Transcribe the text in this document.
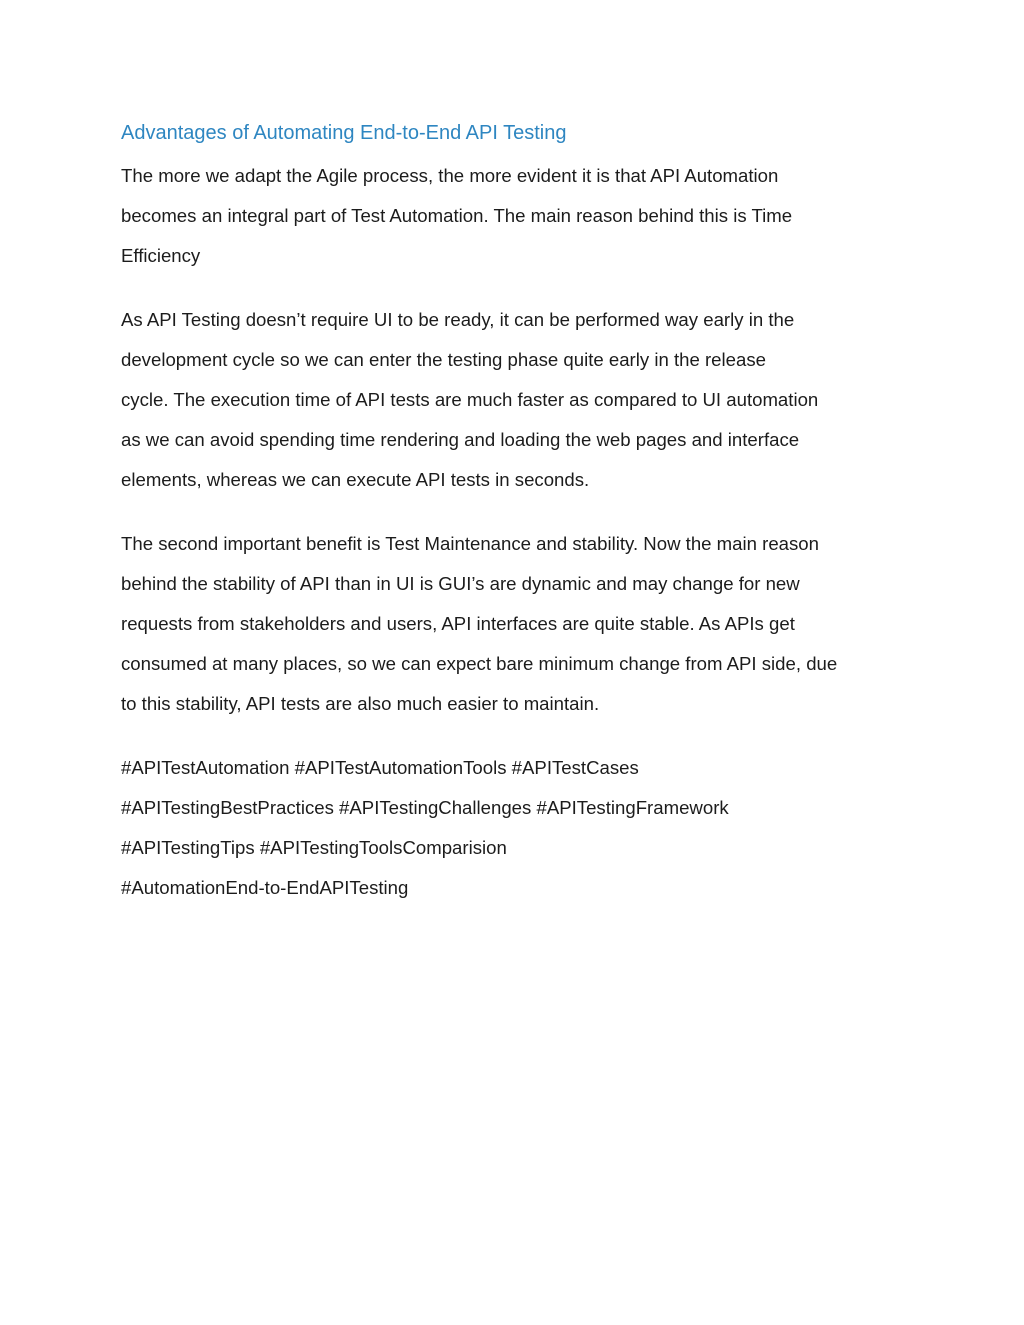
Advantages of Automating End-to-End API Testing

The more we adapt the Agile process, the more evident it is that API Automation
becomes an integral part of Test Automation. The main reason behind this is Time
Efficiency

As API Testing doesn’t require UI to be ready, it can be performed way early in the
development cycle so we can enter the testing phase quite early in the release
cycle. The execution time of API tests are much faster as compared to UI automation
as we can avoid spending time rendering and loading the web pages and interface
elements, whereas we can execute API tests in seconds.

The second important benefit is Test Maintenance and stability. Now the main reason
behind the stability of API than in UI is GUI’s are dynamic and may change for new
requests from stakeholders and users, API interfaces are quite stable. As APIs get
consumed at many places, so we can expect bare minimum change from API side, due
to this stability, API tests are also much easier to maintain.

#APITestAutomation #APITestAutomationTools #APITestCases
#APITestingBestPractices #APITestingChallenges #APITestingFramework
#APITestingTips #APITestingToolsComparision
#AutomationEnd-to-EndAPITesting
